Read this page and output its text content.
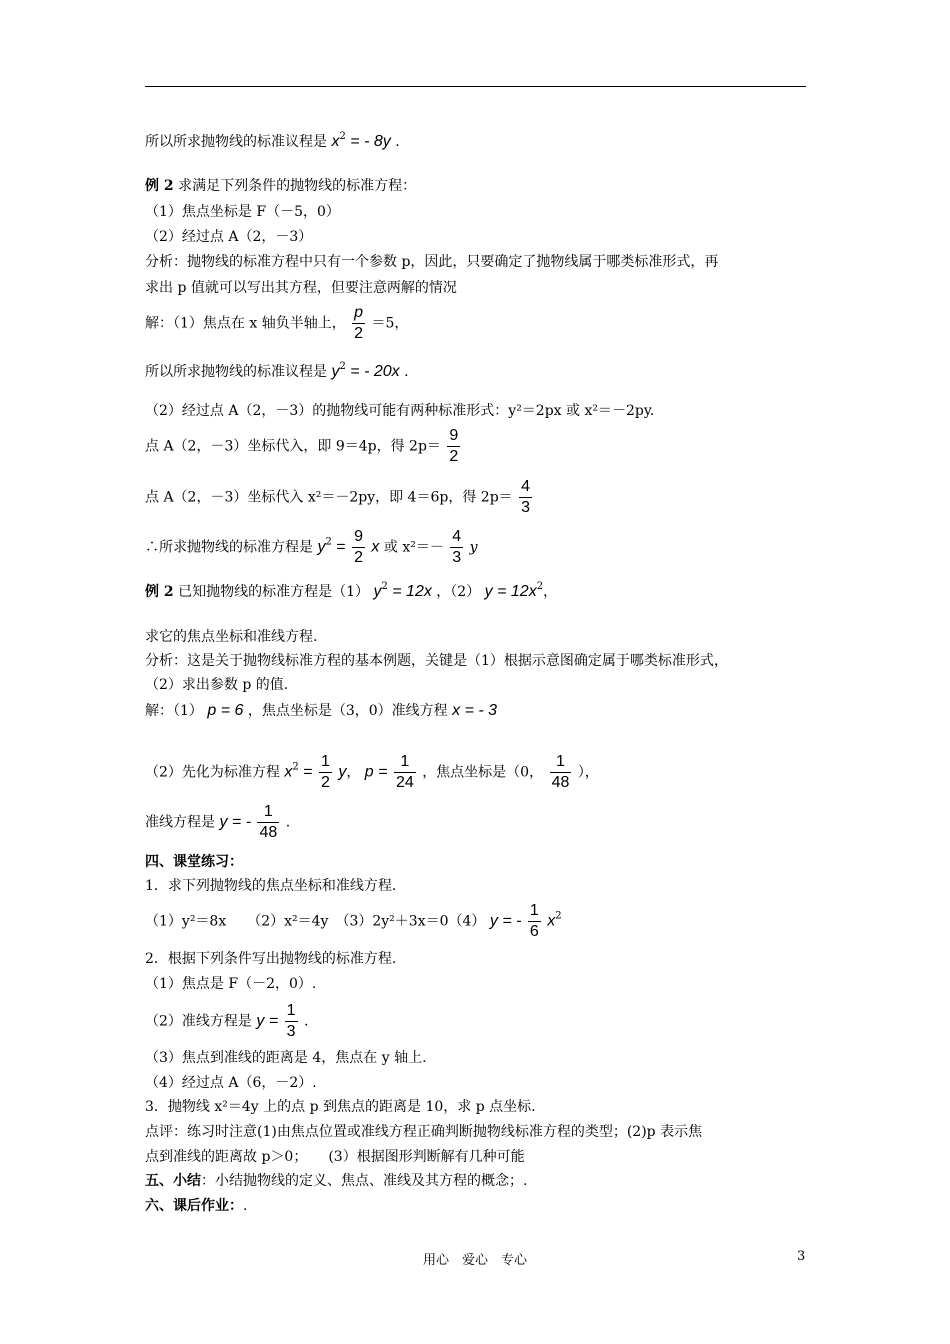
所以所求抛物线的标准议程是 $x^2$ = - 8y .
例 2 求满足下列条件的抛物线的标准方程：
（1）焦点坐标是 F（－5，0）
（2）经过点 A（2，－3）
分析：抛物线的标准方程中只有一个参数 p，因此，只要确定了抛物线属于哪类标准形式，再
求出 p 值就可以写出其方程，但要注意两解的情况
解：（1）焦点在 x 轴负半轴上， $\frac{p}{2} =5$，
所以所求抛物线的标准议程是 $y^2$ = - 20x .
（2）经过点 A（2，－3）的抛物线可能有两种标准形式：y²＝2px 或 x²＝－2py.
点 A（2，－3）坐标代入，即 9＝4p，得 $2p= \frac{9}{2}$
点 A（2，－3）坐标代入 x²＝－2py，即 4＝6p，得 $2p= \frac{4}{3}$
∴所求抛物线的标准方程是 $y^2 = \frac{9}{2}$ x 或 $x^2=- \frac{4}{3}$ y
例 2 已知抛物线的标准方程是（1） $y^2 = 12x$ ，（2） $y = 12x^2$，
求它的焦点坐标和准线方程.
分析：这是关于抛物线标准方程的基本例题，关键是（1）根据示意图确定属于哪类标准形式，
（2）求出参数 p 的值.
解：（1） p = 6 ，焦点坐标是（3，0）准线方程 x = - 3
（2）先化为标准方程 $x^2 = \frac{1}{2}$ y， $p = \frac{1}{24}$ ，焦点坐标是（0， $\frac{1}{48}$ ），
准线方程是 y = - $\frac{1}{48}$ .
四、课堂练习：
1．求下列抛物线的焦点坐标和准线方程.
（1）y²＝8x　　（2）x²＝4y　（3）2y²＋3x＝0（4） y = - $\frac{1}{6} x^2$
2．根据下列条件写出抛物线的标准方程.
（1）焦点是 F（－2，0）.
（2）准线方程是 $y = \frac{1}{3}$ .
（3）焦点到准线的距离是 4，焦点在 y 轴上.
（4）经过点 A（6，－2）.
3．抛物线 x²＝4y 上的点 p 到焦点的距离是 10，求 p 点坐标.
点评：练习时注意(1)由焦点位置或准线方程正确判断抛物线标准方程的类型；(2)p 表示焦
点到准线的距离故 p＞0；　　(3）根据图形判断解有几种可能
五、小结：小结抛物线的定义、焦点、准线及其方程的概念；.
六、课后作业：.
用心　爱心　专心	3
